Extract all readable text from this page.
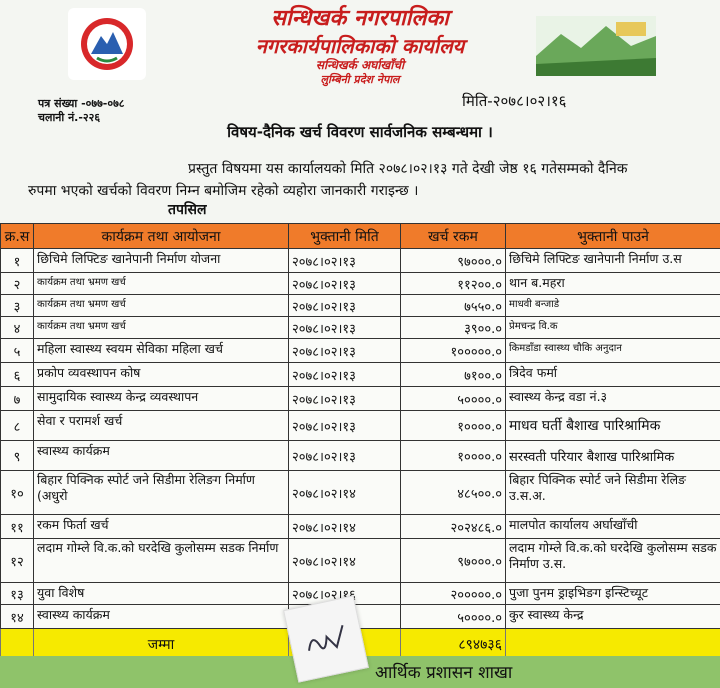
सन्धिखर्क नगरपालिका
नगरकार्यपालिकाको कार्यालय
सन्धिखर्क अर्घाखाँची
लुम्बिनी प्रदेश नेपाल
पत्र संख्या -०७७-०७८
चलानी नं.-२२६
मिति-२०७८।०२।१६
विषय-दैनिक खर्च विवरण सार्वजनिक सम्बन्धमा ।
प्रस्तुत विषयमा यस कार्यालयको मिति २०७८।०२।१३ गते देखी जेष्ठ १६ गतेसम्मको दैनिक
रुपमा भएको खर्चको विवरण निम्न बमोजिम रहेको व्यहोरा जानकारी गराइन्छ ।
तपसिल
क्र.स	कार्यक्रम तथा आयोजना	भुक्तानी मिति	खर्च रकम	भुक्तानी पाउने
१	छिचिमे लिफ्टिङ खानेपानी निर्माण योजना	२०७८।०२।१३	९७०००.०	छिचिमे लिफ्टिङ खानेपानी निर्माण उ.स
२	कार्यक्रम तथा भ्रमण खर्च	२०७८।०२।१३	११२००.०	थान ब.महरा
३	कार्यक्रम तथा भ्रमण खर्च	२०७८।०२।१३	७५५०.०	माधवी बन्जाडे
४	कार्यक्रम तथा भ्रमण खर्च	२०७८।०२।१३	३९००.०	प्रेमचन्द्र वि.क
५	महिला स्वास्थ्य स्वयम सेविका महिला खर्च	२०७८।०२।१३	१०००००.०	किमडाँडा स्वास्थ्य चौकि अनुदान
६	प्रकोप व्यवस्थापन कोष	२०७८।०२।१३	७१००.०	त्रिदेव फर्मा
७	सामुदायिक स्वास्थ्य केन्द्र व्यवस्थापन	२०७८।०२।१३	५००००.०	स्वास्थ्य केन्द्र वडा नं.३
८	सेवा र परामर्श खर्च	२०७८।०२।१३	१००००.०	माधव घर्ती बैशाख पारिश्रामिक
९	स्वास्थ्य कार्यक्रम	२०७८।०२।१३	१००००.०	सरस्वती परियार बैशाख पारिश्रामिक
१०	बिहार पिक्निक स्पोर्ट जने सिडीमा रेलिङग निर्माण (अधुरो	२०७८।०२।१४	४८५००.०	बिहार पिक्निक स्पोर्ट जने सिडीमा रेलिङ उ.स.अ.
११	रकम फिर्ता खर्च	२०७८।०२।१४	२०२४८६.०	मालपोत कार्यालय अर्घाखाँची
१२	लदाम गोम्ले वि.क.को घरदेखि कुलोसम्म सडक निर्माण	२०७८।०२।१४	९७०००.०	लदाम गोम्ले वि.क.को घरदेखि कुलोसम्म सडक निर्माण उ.स.
१३	युवा विशेष	२०७८।०२।१६	२०००००.०	पुजा पुनम ड्राइभिङग इन्स्टिच्यूट
१४	स्वास्थ्य कार्यक्रम		५००००.०	कुर स्वास्थ्य केन्द्र
	जम्मा		८९४७३६	
आर्थिक प्रशासन शाखा
